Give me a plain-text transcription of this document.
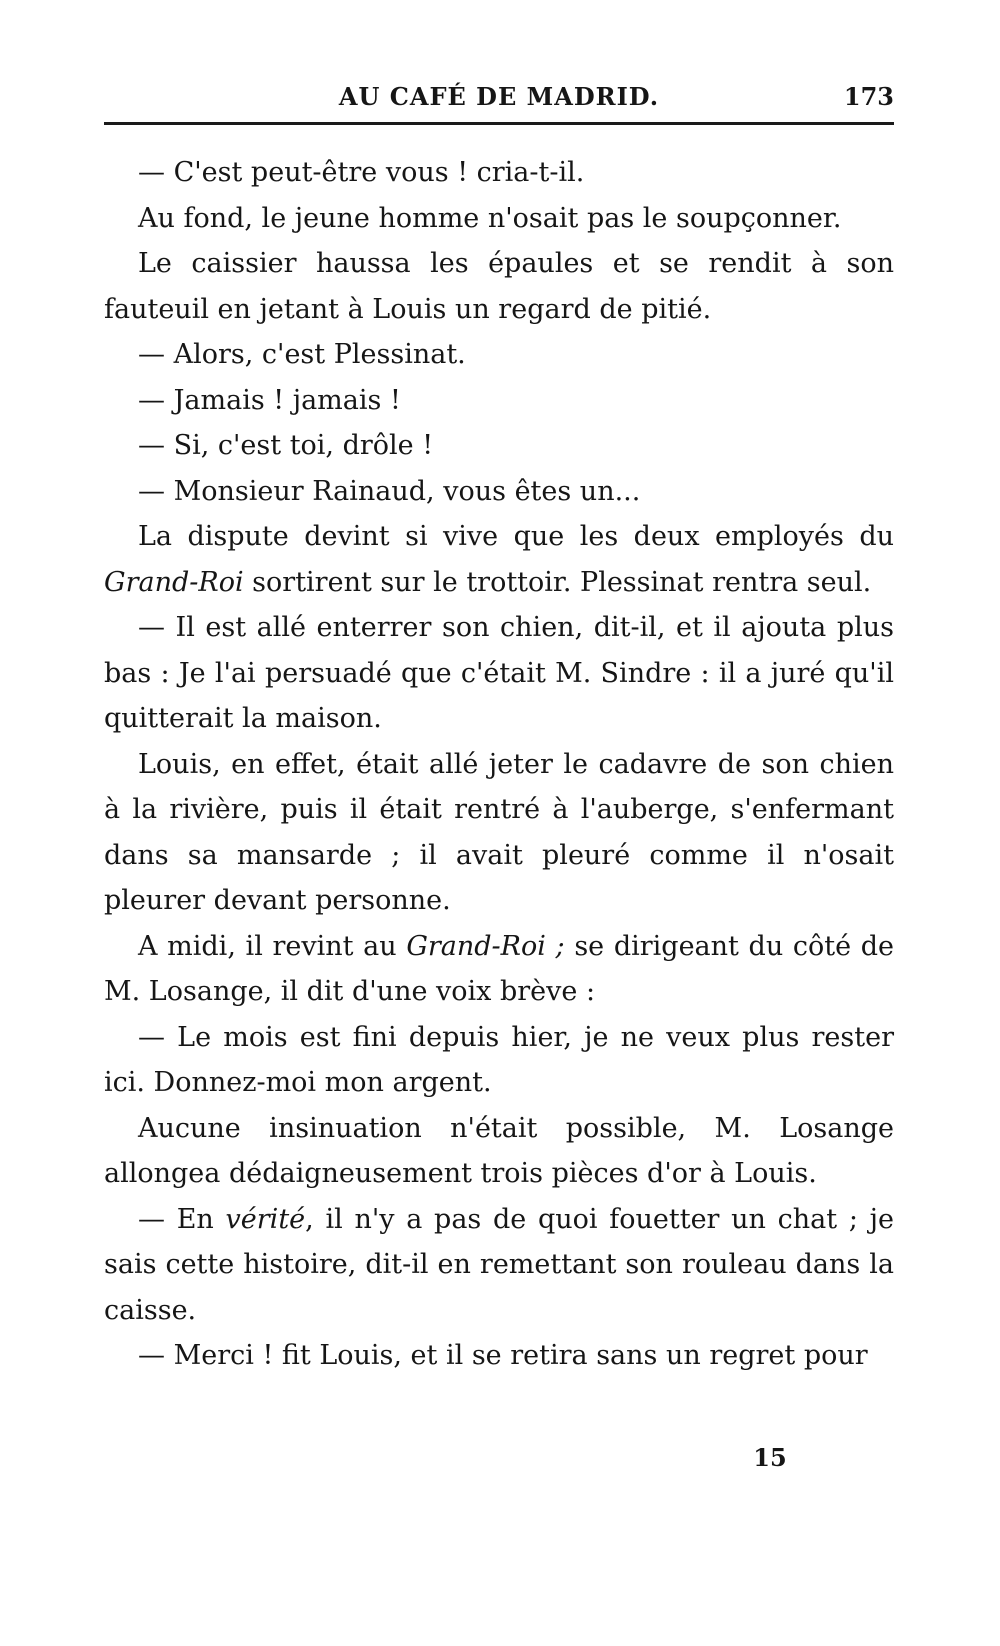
AU CAFÉ DE MADRID.	173

— C'est peut-être vous ! cria-t-il.

Au fond, le jeune homme n'osait pas le soupçonner.

Le caissier haussa les épaules et se rendit à son fauteuil en jetant à Louis un regard de pitié.

— Alors, c'est Plessinat.

— Jamais ! jamais !

— Si, c'est toi, drôle !

— Monsieur Rainaud, vous êtes un...

La dispute devint si vive que les deux employés du Grand-Roi sortirent sur le trottoir. Plessinat rentra seul.

— Il est allé enterrer son chien, dit-il, et il ajouta plus bas : Je l'ai persuadé que c'était M. Sindre : il a juré qu'il quitterait la maison.

Louis, en effet, était allé jeter le cadavre de son chien à la rivière, puis il était rentré à l'auberge, s'enfermant dans sa mansarde ; il avait pleuré comme il n'osait pleurer devant personne.

A midi, il revint au Grand-Roi ; se dirigeant du côté de M. Losange, il dit d'une voix brève :

— Le mois est fini depuis hier, je ne veux plus rester ici. Donnez-moi mon argent.

Aucune insinuation n'était possible, M. Losange allongea dédaigneusement trois pièces d'or à Louis.

— En vérité, il n'y a pas de quoi fouetter un chat ; je sais cette histoire, dit-il en remettant son rouleau dans la caisse.

— Merci ! fit Louis, et il se retira sans un regret pour

15
